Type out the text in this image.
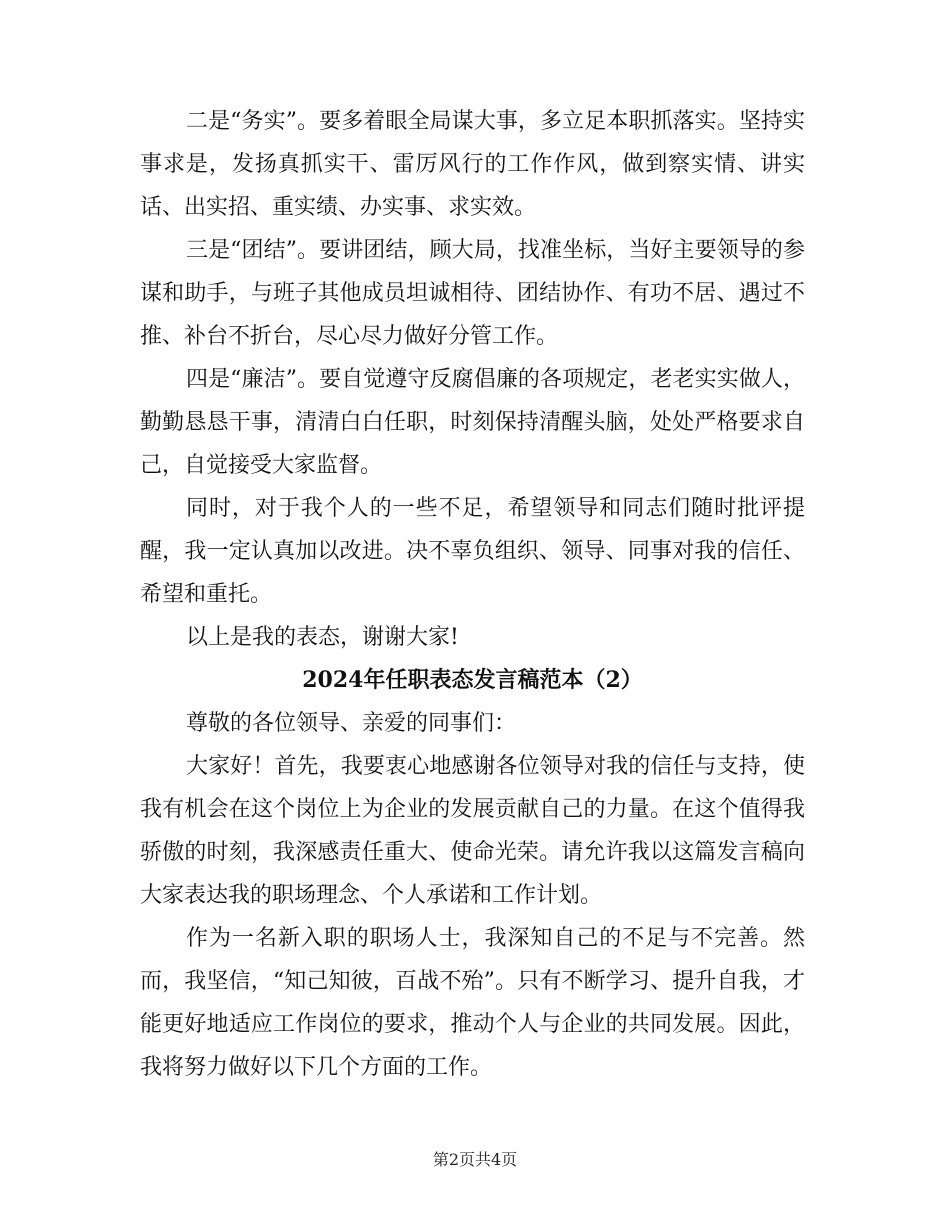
二是“务实”。要多着眼全局谋大事，多立足本职抓落实。坚持实事求是，发扬真抓实干、雷厉风行的工作作风，做到察实情、讲实话、出实招、重实绩、办实事、求实效。

三是“团结”。要讲团结，顾大局，找准坐标，当好主要领导的参谋和助手，与班子其他成员坦诚相待、团结协作、有功不居、遇过不推、补台不折台，尽心尽力做好分管工作。

四是“廉洁”。要自觉遵守反腐倡廉的各项规定，老老实实做人，勤勤恳恳干事，清清白白任职，时刻保持清醒头脑，处处严格要求自己，自觉接受大家监督。

同时，对于我个人的一些不足，希望领导和同志们随时批评提醒，我一定认真加以改进。决不辜负组织、领导、同事对我的信任、希望和重托。

以上是我的表态，谢谢大家!

2024年任职表态发言稿范本（2）

尊敬的各位领导、亲爱的同事们：

大家好！首先，我要衷心地感谢各位领导对我的信任与支持，使我有机会在这个岗位上为企业的发展贡献自己的力量。在这个值得我骄傲的时刻，我深感责任重大、使命光荣。请允许我以这篇发言稿向大家表达我的职场理念、个人承诺和工作计划。

作为一名新入职的职场人士，我深知自己的不足与不完善。然而，我坚信，“知己知彼，百战不殆”。只有不断学习、提升自我，才能更好地适应工作岗位的要求，推动个人与企业的共同发展。因此，我将努力做好以下几个方面的工作。

第2页共4页
